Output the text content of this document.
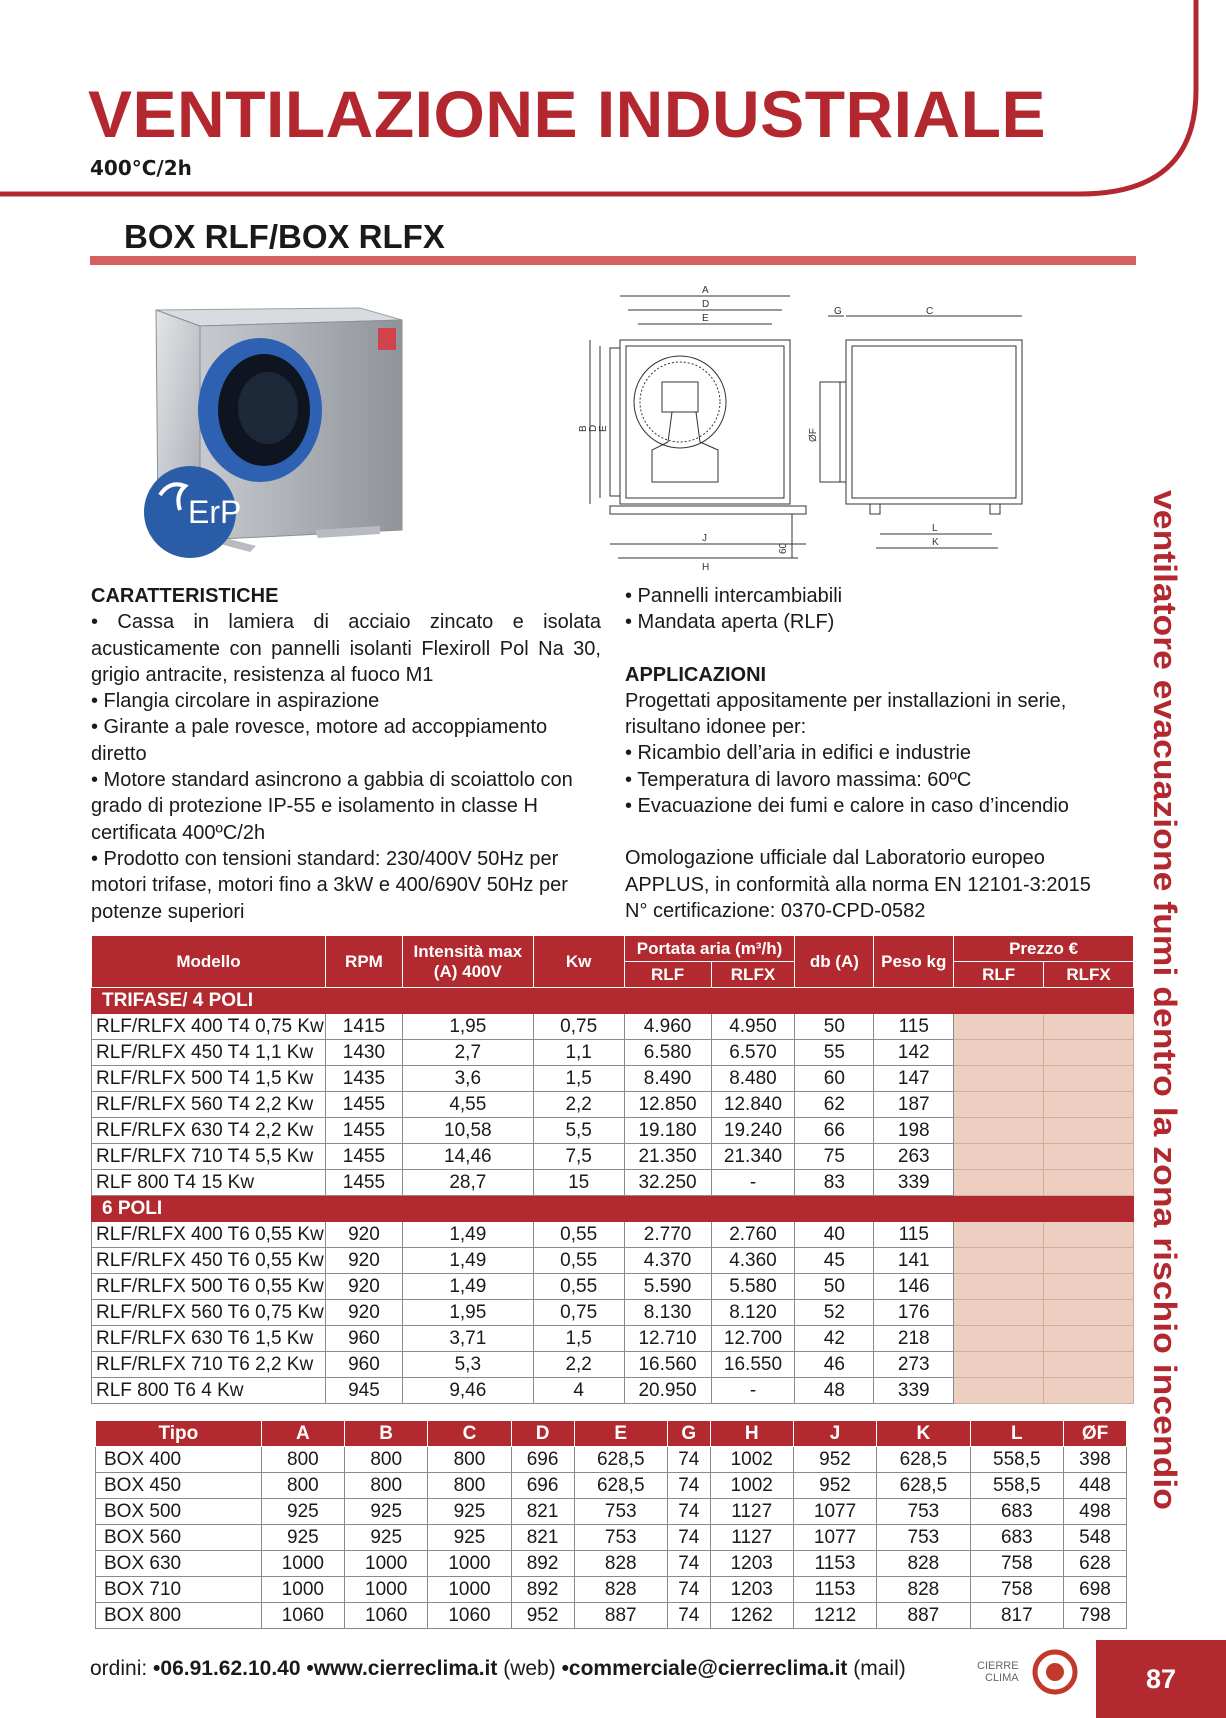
VENTILAZIONE INDUSTRIALE
400°C/2h
BOX RLF/BOX RLFX
ErP
A
D
E
B D E
J
H
60
G	C
ØF
L
K

CARATTERISTICHE

• Cassa in lamiera di acciaio zincato e isolata acusticamente con pannelli isolanti Flexiroll Pol Na 30, grigio antracite, resistenza al fuoco M1

• Flangia circolare in aspirazione

• Girante a pale rovesce, motore ad accoppiamento diretto

• Motore standard asincrono a gabbia di scoiattolo con grado di protezione IP-55 e isolamento in classe H certificata 400ºC/2h

• Prodotto con tensioni standard: 230/400V 50Hz per motori trifase, motori fino a 3kW e 400/690V 50Hz per potenze superiori

• Pannelli intercambiabili

• Mandata aperta (RLF)

APPLICAZIONI

Progettati appositamente per installazioni in serie, risultano idonee per:

• Ricambio dell’aria in edifici e industrie

• Temperatura di lavoro massima: 60ºC

• Evacuazione dei fumi e calore in caso d’incendio

Omologazione ufficiale dal Laboratorio europeo

APPLUS, in conformità alla norma EN 12101-3:2015

N° certificazione: 0370-CPD-0582	ventilatore evacuazione fumi dentro la zona rischio incendio
Modello	RPM	Intensità max (A) 400V	Kw	Portata aria (m³/h)		db (A)	Peso kg	Prezzo €	
				RLF	RLFX			RLF	RLFX
TRIFASE/ 4 POLI									
RLF/RLFX 400 T4 0,75 Kw	1415	1,95	0,75	4.960	4.950	50	115		
RLF/RLFX 450 T4 1,1 Kw	1430	2,7	1,1	6.580	6.570	55	142		
RLF/RLFX 500 T4 1,5 Kw	1435	3,6	1,5	8.490	8.480	60	147		
RLF/RLFX 560 T4 2,2 Kw	1455	4,55	2,2	12.850	12.840	62	187		
RLF/RLFX 630 T4 2,2 Kw	1455	10,58	5,5	19.180	19.240	66	198		
RLF/RLFX 710 T4 5,5 Kw	1455	14,46	7,5	21.350	21.340	75	263		
RLF 800 T4 15 Kw	1455	28,7	15	32.250	-	83	339		
6 POLI									
RLF/RLFX 400 T6 0,55 Kw	920	1,49	0,55	2.770	2.760	40	115		
RLF/RLFX 450 T6 0,55 Kw	920	1,49	0,55	4.370	4.360	45	141		
RLF/RLFX 500 T6 0,55 Kw	920	1,49	0,55	5.590	5.580	50	146		
RLF/RLFX 560 T6 0,75 Kw	920	1,95	0,75	8.130	8.120	52	176		
RLF/RLFX 630 T6 1,5 Kw	960	3,71	1,5	12.710	12.700	42	218		
RLF/RLFX 710 T6 2,2 Kw	960	5,3	2,2	16.560	16.550	46	273		
RLF 800 T6 4 Kw	945	9,46	4	20.950	-	48	339		
Tipo	A	B	C	D	E	G	H	J	K	L	ØF
BOX 400	800	800	800	696	628,5	74	1002	952	628,5	558,5	398
BOX 450	800	800	800	696	628,5	74	1002	952	628,5	558,5	448
BOX 500	925	925	925	821	753	74	1127	1077	753	683	498
BOX 560	925	925	925	821	753	74	1127	1077	753	683	548
BOX 630	1000	1000	1000	892	828	74	1203	1153	828	758	628
BOX 710	1000	1000	1000	892	828	74	1203	1153	828	758	698
BOX 800	1060	1060	1060	952	887	74	1262	1212	887	817	798
ordini: •06.91.62.10.40 •www.cierreclima.it (web) •commerciale@cierreclima.it (mail)	CIERRE
CLIMA	87
